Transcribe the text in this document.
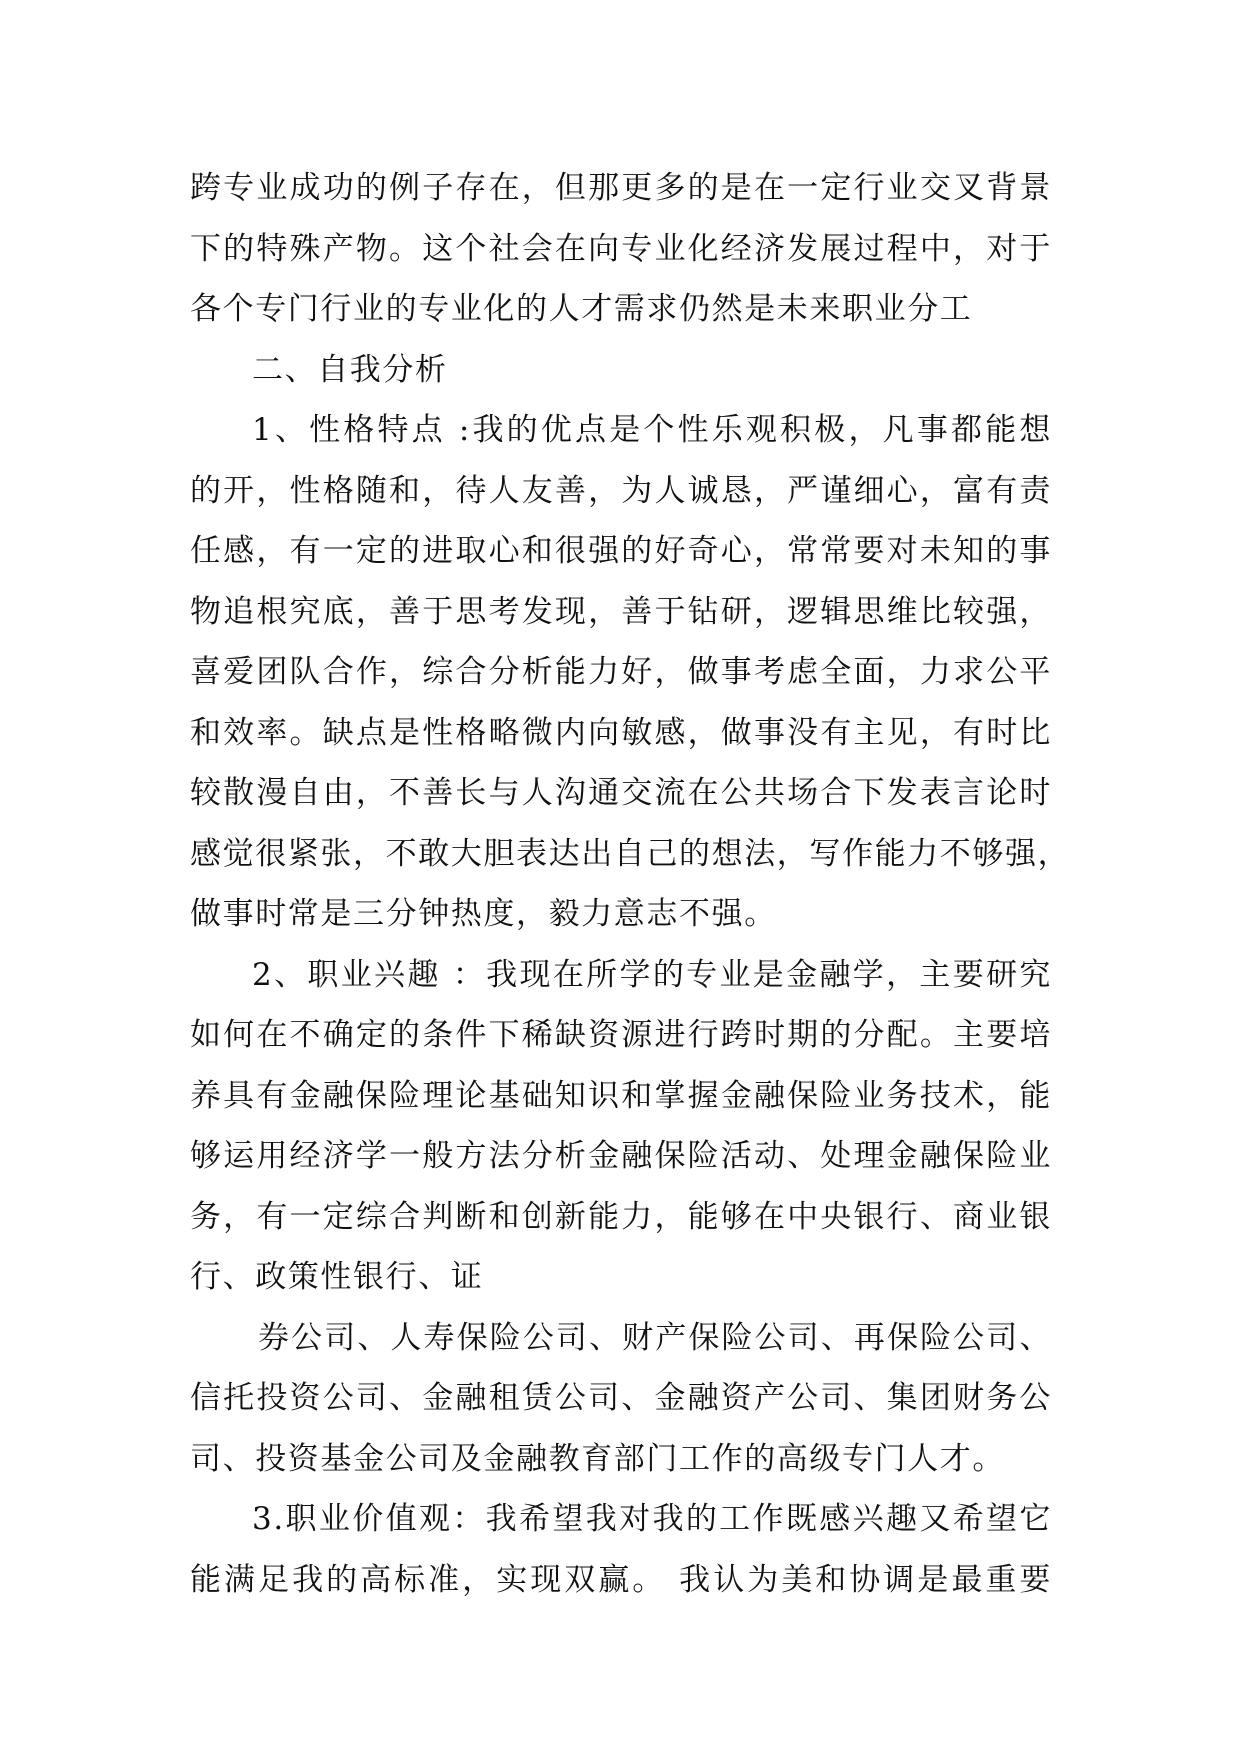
跨专业成功的例子存在，但那更多的是在一定行业交叉背景
下的特殊产物。这个社会在向专业化经济发展过程中，对于
各个专门行业的专业化的人才需求仍然是未来职业分工
二、自我分析
1、性格特点 :我的优点是个性乐观积极，凡事都能想
的开，性格随和，待人友善，为人诚恳，严谨细心，富有责
任感，有一定的进取心和很强的好奇心，常常要对未知的事
物追根究底，善于思考发现，善于钻研，逻辑思维比较强，
喜爱团队合作，综合分析能力好，做事考虑全面，力求公平
和效率。缺点是性格略微内向敏感，做事没有主见，有时比
较散漫自由，不善长与人沟通交流在公共场合下发表言论时
感觉很紧张，不敢大胆表达出自己的想法，写作能力不够强，
做事时常是三分钟热度，毅力意志不强。
2、职业兴趣 ：我现在所学的专业是金融学，主要研究
如何在不确定的条件下稀缺资源进行跨时期的分配。主要培
养具有金融保险理论基础知识和掌握金融保险业务技术，能
够运用经济学一般方法分析金融保险活动、处理金融保险业
务，有一定综合判断和创新能力，能够在中央银行、商业银
行、政策性银行、证
券公司、人寿保险公司、财产保险公司、再保险公司、
信托投资公司、金融租赁公司、金融资产公司、集团财务公
司、投资基金公司及金融教育部门工作的高级专门人才。
3.职业价值观：我希望我对我的工作既感兴趣又希望它
能满足我的高标准，实现双赢。 我认为美和协调是最重要
